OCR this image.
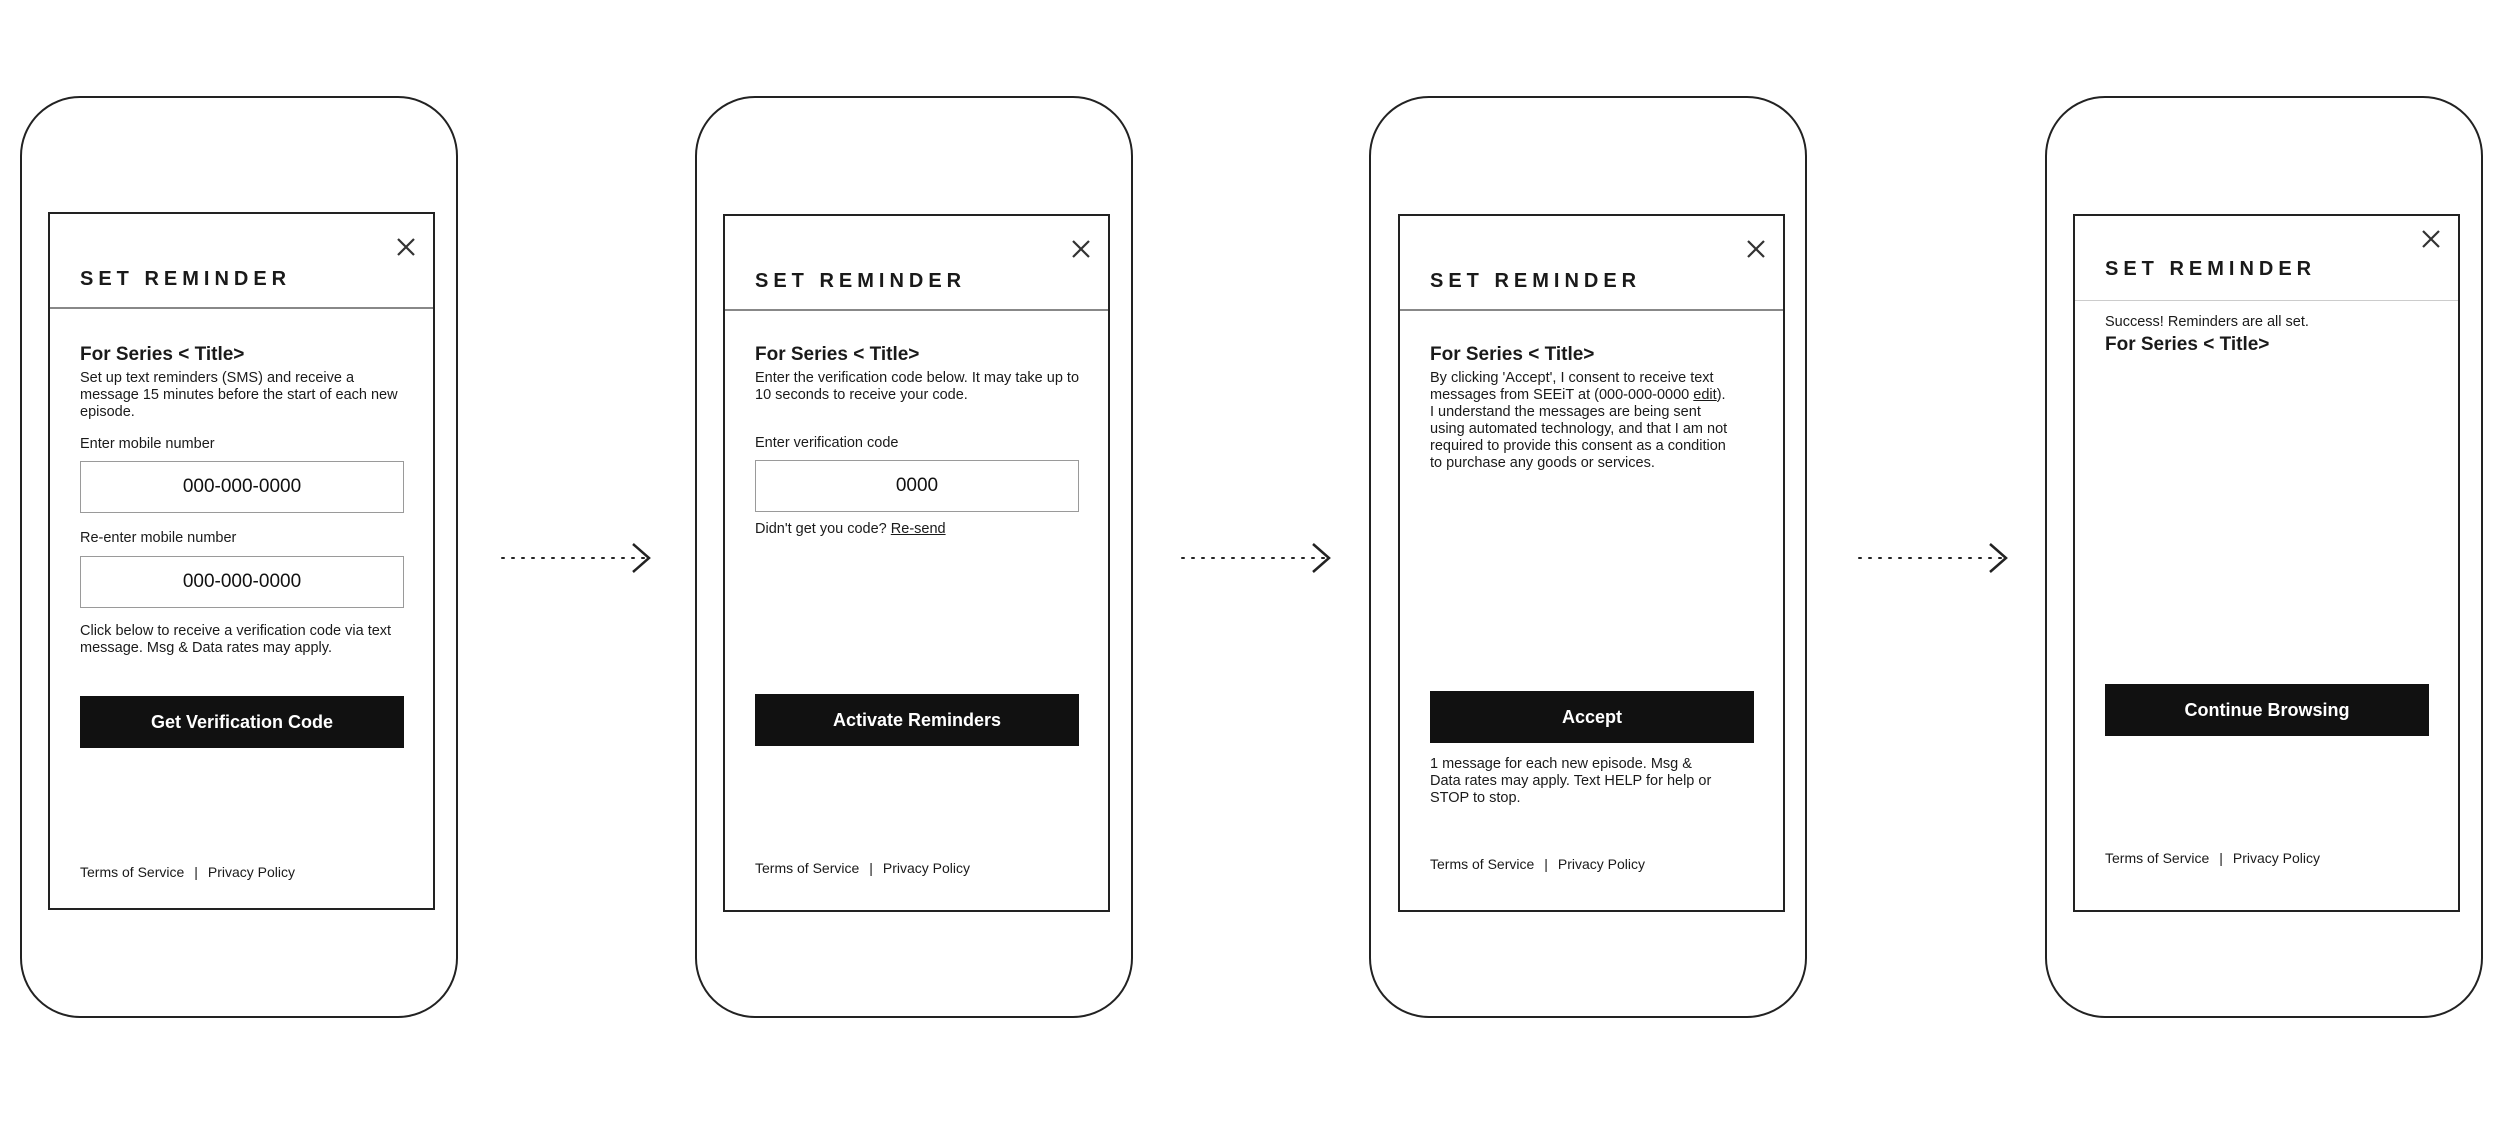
SET REMINDER
For Series < Title>
Set up text reminders (SMS) and receive a message 15 minutes before the start of each new episode.
Enter mobile number
000-000-0000
Re-enter mobile number
000-000-0000
Click below to receive a verification code via text message. Msg & Data rates may apply.
Get Verification Code
Terms of Service | Privacy Policy
SET REMINDER
For Series < Title>
Enter the verification code below. It may take up to 10 seconds to receive your code.
Enter verification code
0000
Didn't get you code? Re-send
Activate Reminders
Terms of Service | Privacy Policy
SET REMINDER
For Series < Title>
By clicking 'Accept', I consent to receive text messages from SEEiT at (000-000-0000 edit). I understand the messages are being sent using automated technology, and that I am not required to provide this consent as a condition to purchase any goods or services.
Accept
1 message for each new episode. Msg & Data rates may apply. Text HELP for help or STOP to stop.
Terms of Service | Privacy Policy
SET REMINDER
Success! Reminders are all set.
For Series < Title>
Continue Browsing
Terms of Service | Privacy Policy
